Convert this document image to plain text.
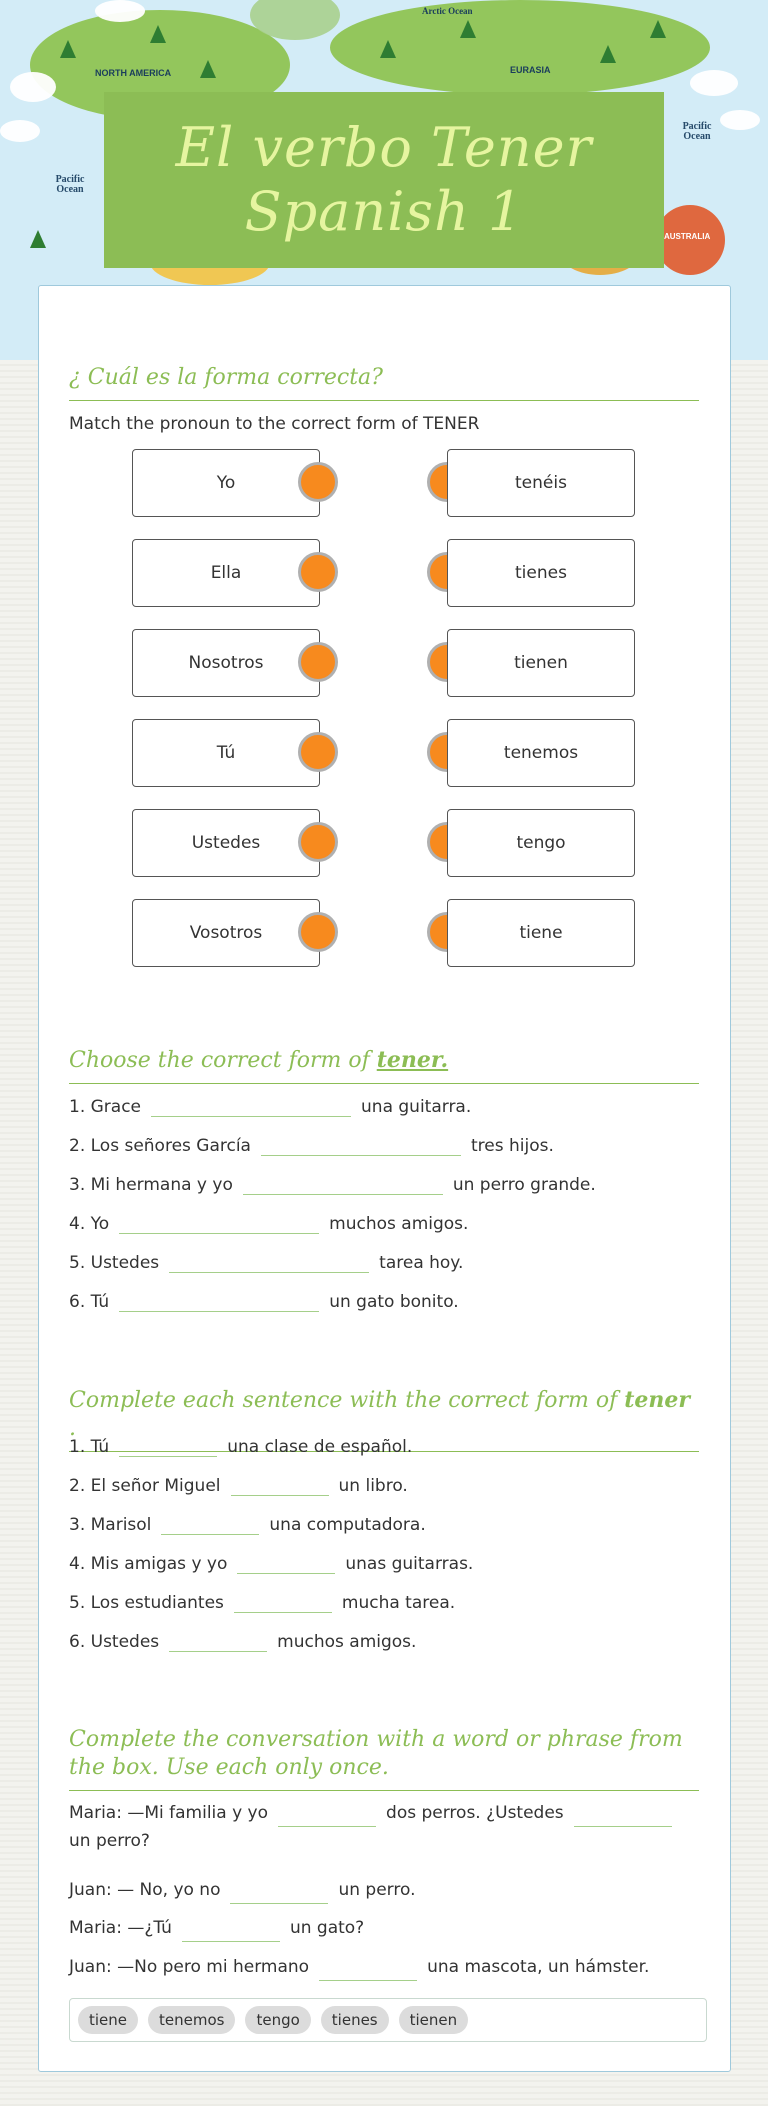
Arctic Ocean
NORTH AMERICA	EURASIA
Pacific Ocean
Pacific Ocean
AUSTRALIA
El verbo Tener
Spanish 1
¿ Cuál es la forma correcta?
Match the pronoun to the correct form of TENER
Yo
Ella
Nosotros
Tú
Ustedes
Vosotros
tenéis
tienes
tienen
tenemos
tengo
tiene
Choose the correct form of tener.
1. Grace	una guitarra.
2. Los señores García	tres hijos.
3. Mi hermana y yo	un perro grande.
4. Yo	muchos amigos.
5. Ustedes	tarea hoy.
6. Tú	un gato bonito.
Complete each sentence with the correct form of tener .
1. Tú	una clase de español.
2. El señor Miguel	un libro.
3. Marisol	una computadora.
4. Mis amigas y yo	unas guitarras.
5. Los estudiantes	mucha tarea.
6. Ustedes	muchos amigos.
Complete the conversation with a word or phrase from the box. Use each only once.
Maria: —Mi familia y yo	dos perros. ¿Ustedesun perro?
Juan: — No, yo no	un perro.
Maria: —¿Tú	un gato?
Juan: —No pero mi hermano	una mascota, un hámster.
tiene	tenemos	tengo	tienes	tienen
